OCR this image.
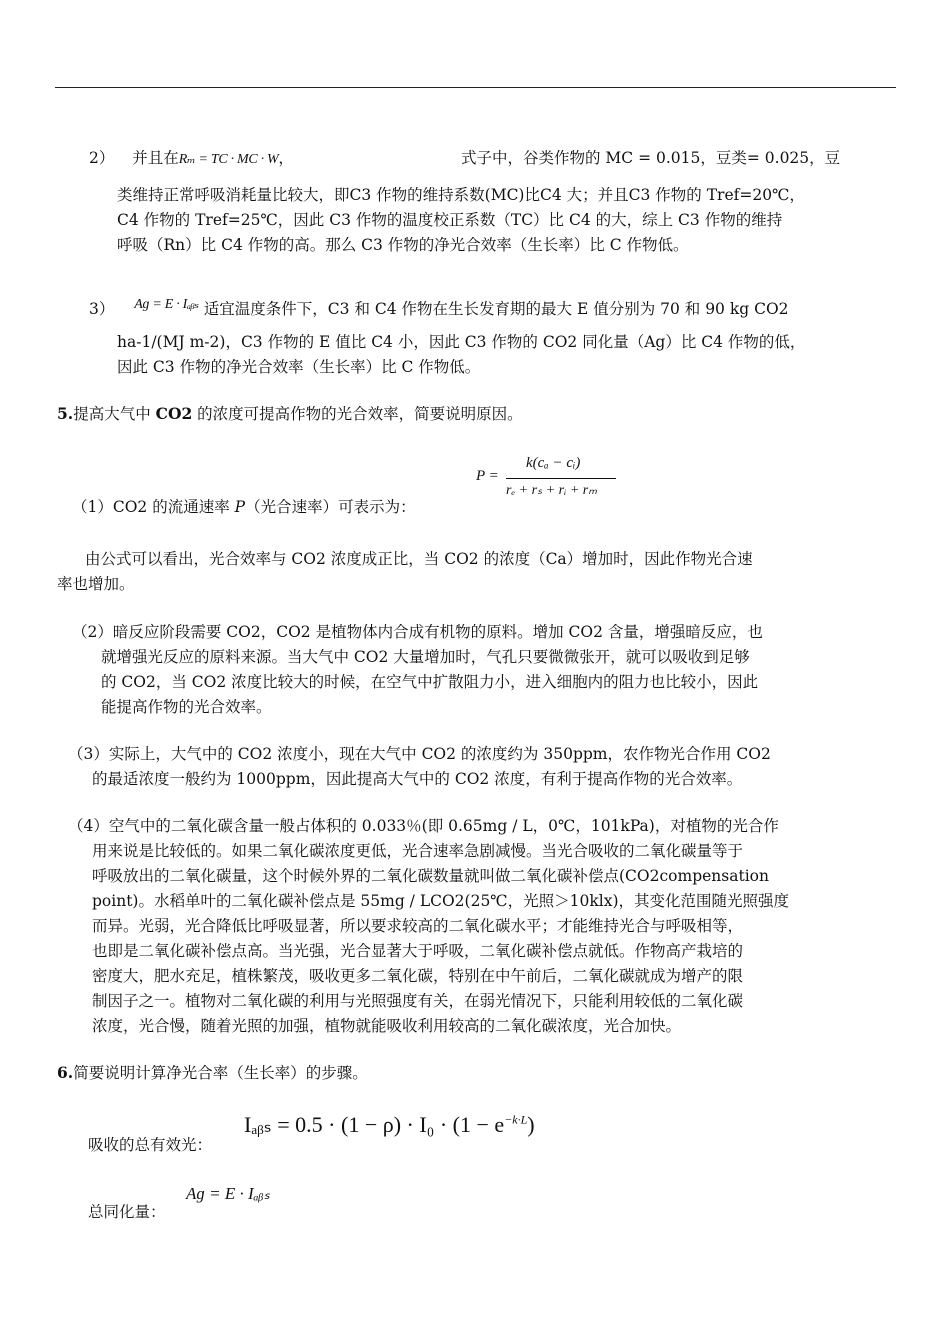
2） 并且在Rₘ = TC · MC · W，	式子中，谷类作物的 MC = 0.015，豆类= 0.025，豆
类维持正常呼吸消耗量比较大，即C3 作物的维持系数(MC)比C4 大；并且C3 作物的 Tref=20℃，
C4 作物的 Tref=25℃，因此 C3 作物的温度校正系数（TC）比 C4 的大，综上 C3 作物的维持
呼吸（Rn）比 C4 作物的高。那么 C3 作物的净光合效率（生长率）比 C 作物低。
3） Aɡ = E · Iₐᵦₛ 适宜温度条件下，C3 和 C4 作物在生长发育期的最大 E 值分别为 70 和 90 kg CO2
ha-1/(MJ m-2)，C3 作物的 E 值比 C4 小，因此 C3 作物的 CO2 同化量（Ag）比 C4 作物的低，
因此 C3 作物的净光合效率（生长率）比 C 作物低。
5.提高大气中 CO2 的浓度可提高作物的光合效率，简要说明原因。
（1）CO2 的流通速率 P（光合速率）可表示为：
P =
k(cₐ − cᵢ)
rₑ + rₛ + rᵢ + rₘ
由公式可以看出，光合效率与 CO2 浓度成正比，当 CO2 的浓度（Ca）增加时，因此作物光合速
率也增加。
（2）暗反应阶段需要 CO2，CO2 是植物体内合成有机物的原料。增加 CO2 含量，增强暗反应，也
就增强光反应的原料来源。当大气中 CO2 大量增加时，气孔只要微微张开，就可以吸收到足够
的 CO2，当 CO2 浓度比较大的时候，在空气中扩散阻力小，进入细胞内的阻力也比较小，因此
能提高作物的光合效率。
（3）实际上，大气中的 CO2 浓度小，现在大气中 CO2 的浓度约为 350ppm，农作物光合作用 CO2
的最适浓度一般约为 1000ppm，因此提高大气中的 CO2 浓度，有利于提高作物的光合效率。
（4）空气中的二氧化碳含量一般占体积的 0.033％(即 0.65mg / L，0℃，101kPa)，对植物的光合作
用来说是比较低的。如果二氧化碳浓度更低，光合速率急剧减慢。当光合吸收的二氧化碳量等于
呼吸放出的二氧化碳量，这个时候外界的二氧化碳数量就叫做二氧化碳补偿点(CO2compensation
point)。水稻单叶的二氧化碳补偿点是 55mg / LCO2(25℃，光照＞10klx)，其变化范围随光照强度
而异。光弱，光合降低比呼吸显著，所以要求较高的二氧化碳水平；才能维持光合与呼吸相等，
也即是二氧化碳补偿点高。当光强，光合显著大于呼吸，二氧化碳补偿点就低。作物高产栽培的
密度大，肥水充足，植株繁茂，吸收更多二氧化碳，特别在中午前后，二氧化碳就成为增产的限
制因子之一。植物对二氧化碳的利用与光照强度有关，在弱光情况下，只能利用较低的二氧化碳
浓度，光合慢，随着光照的加强，植物就能吸收利用较高的二氧化碳浓度，光合加快。
6.简要说明计算净光合率（生长率）的步骤。
吸收的总有效光：
Iₐᵦₛ = $0.5 \cdot (1 - \rho) \cdot I_0 \cdot (1 - e^{-k\cdot L})$
总同化量：
Aɡ = E · Iₐᵦₛ
